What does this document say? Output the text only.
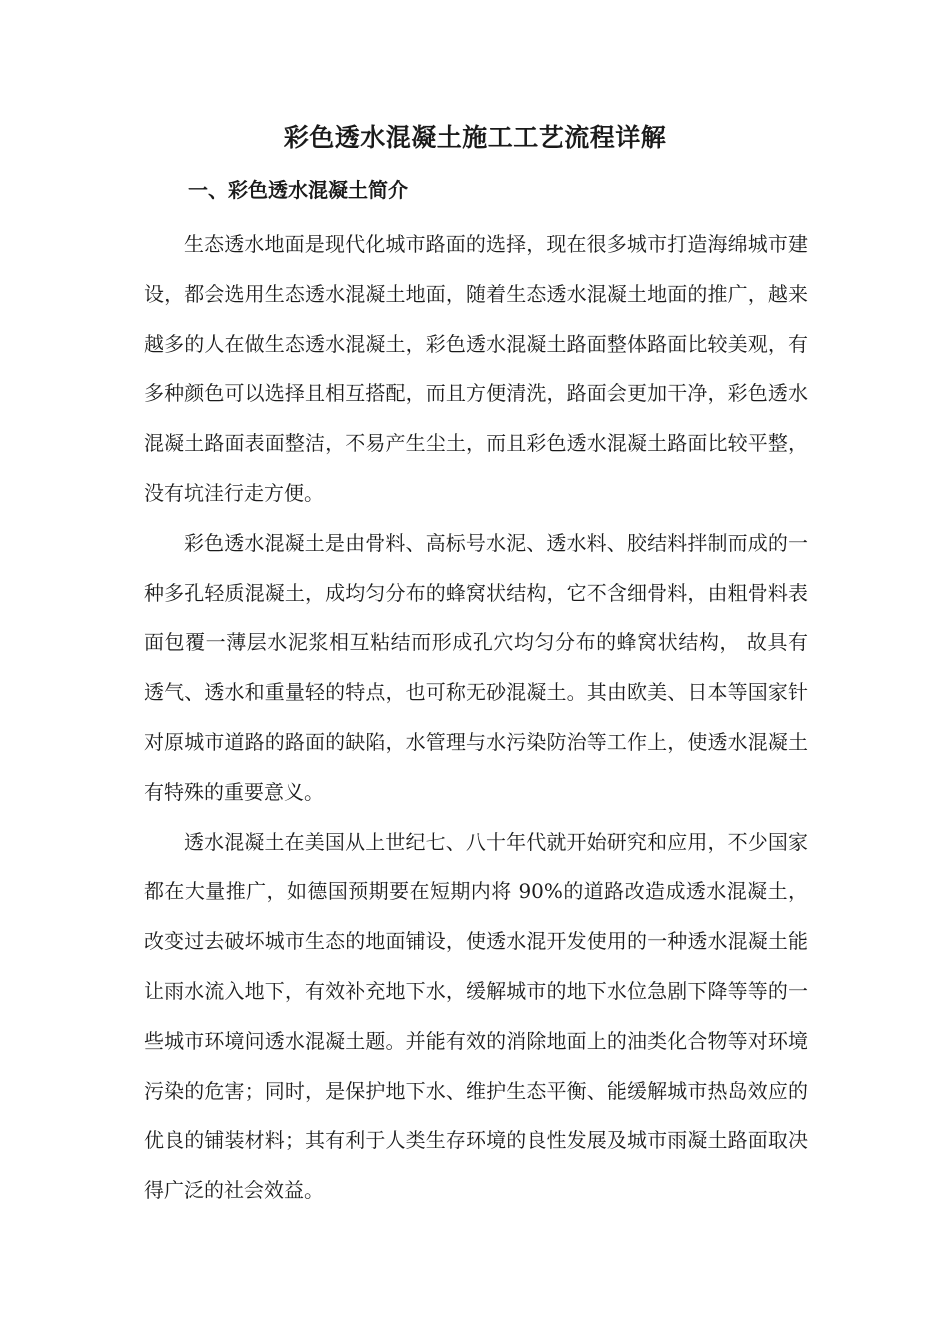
彩色透水混凝土施工工艺流程详解
一、彩色透水混凝土简介

生态透水地面是现代化城市路面的选择，现在很多城市打造海绵城市建设，都会选用生态透水混凝土地面，随着生态透水混凝土地面的推广，越来越多的人在做生态透水混凝土，彩色透水混凝土路面整体路面比较美观，有多种颜色可以选择且相互搭配，而且方便清洗，路面会更加干净，彩色透水混凝土路面表面整洁，不易产生尘土，而且彩色透水混凝土路面比较平整，没有坑洼行走方便。

彩色透水混凝土是由骨料、高标号水泥、透水料、胶结料拌制而成的一种多孔轻质混凝土，成均匀分布的蜂窝状结构，它不含细骨料，由粗骨料表面包覆一薄层水泥浆相互粘结而形成孔穴均匀分布的蜂窝状结构， 故具有透气、透水和重量轻的特点，也可称无砂混凝土。其由欧美、日本等国家针对原城市道路的路面的缺陷，水管理与水污染防治等工作上，使透水混凝土有特殊的重要意义。

透水混凝土在美国从上世纪七、八十年代就开始研究和应用，不少国家都在大量推广，如德国预期要在短期内将 90%的道路改造成透水混凝土，改变过去破坏城市生态的地面铺设，使透水混开发使用的一种透水混凝土能让雨水流入地下，有效补充地下水，缓解城市的地下水位急剧下降等等的一些城市环境问透水混凝土题。并能有效的消除地面上的油类化合物等对环境污染的危害；同时，是保护地下水、维护生态平衡、能缓解城市热岛效应的优良的铺装材料；其有利于人类生存环境的良性发展及城市雨凝土路面取决得广泛的社会效益。
